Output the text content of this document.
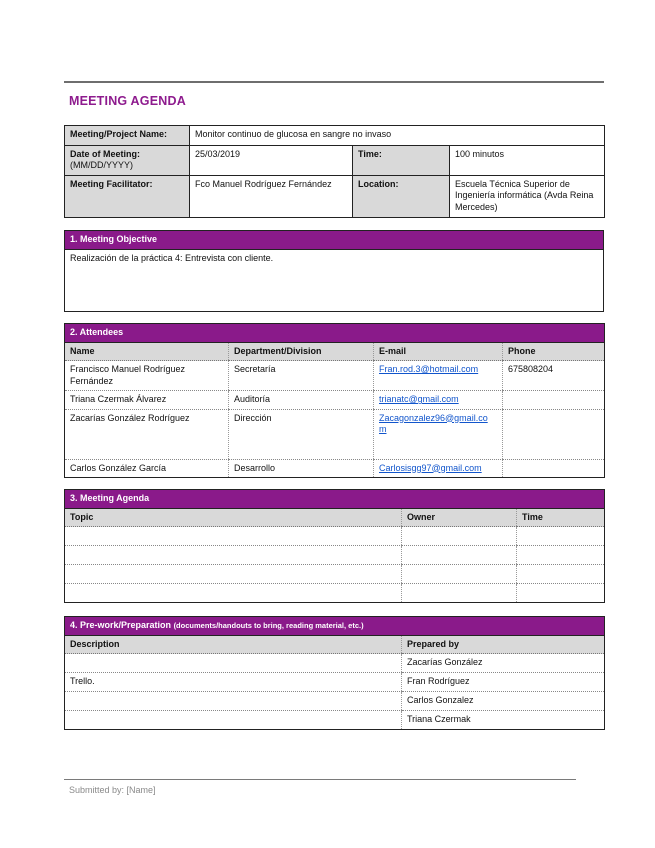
MEETING AGENDA
Meeting/Project Name:	Monitor continuo de glucosa en sangre no invaso		

Date of Meeting:
(MM/DD/YYYY)	25/03/2019	Time:	100 minutos
Meeting Facilitator:	Fco Manuel Rodríguez Fernández	Location:	Escuela Técnica Superior de Ingeniería informática (Avda Reina Mercedes)
1. Meeting Objective
Realización de la práctica 4: Entrevista con cliente.
2. Attendees			
Name	Department/Division	E-mail	Phone
Francisco Manuel Rodríguez Fernández	Secretaría	Fran.rod.3@hotmail.com	675808204
Triana Czermak Álvarez	Auditoría	trianatc@gmail.com	
Zacarías González Rodríguez	Dirección	Zacagonzalez96@gmail.co m	
Carlos González García	Desarrollo	Carlosisgg97@gmail.com	
3. Meeting Agenda		
Topic	Owner	Time

4. Pre-work/Preparation (documents/handouts to bring, reading material, etc.)	
Description	Prepared by
	Zacarías González
Trello.	Fran Rodríguez
	Carlos Gonzalez
	Triana Czermak
Submitted by: [Name]
